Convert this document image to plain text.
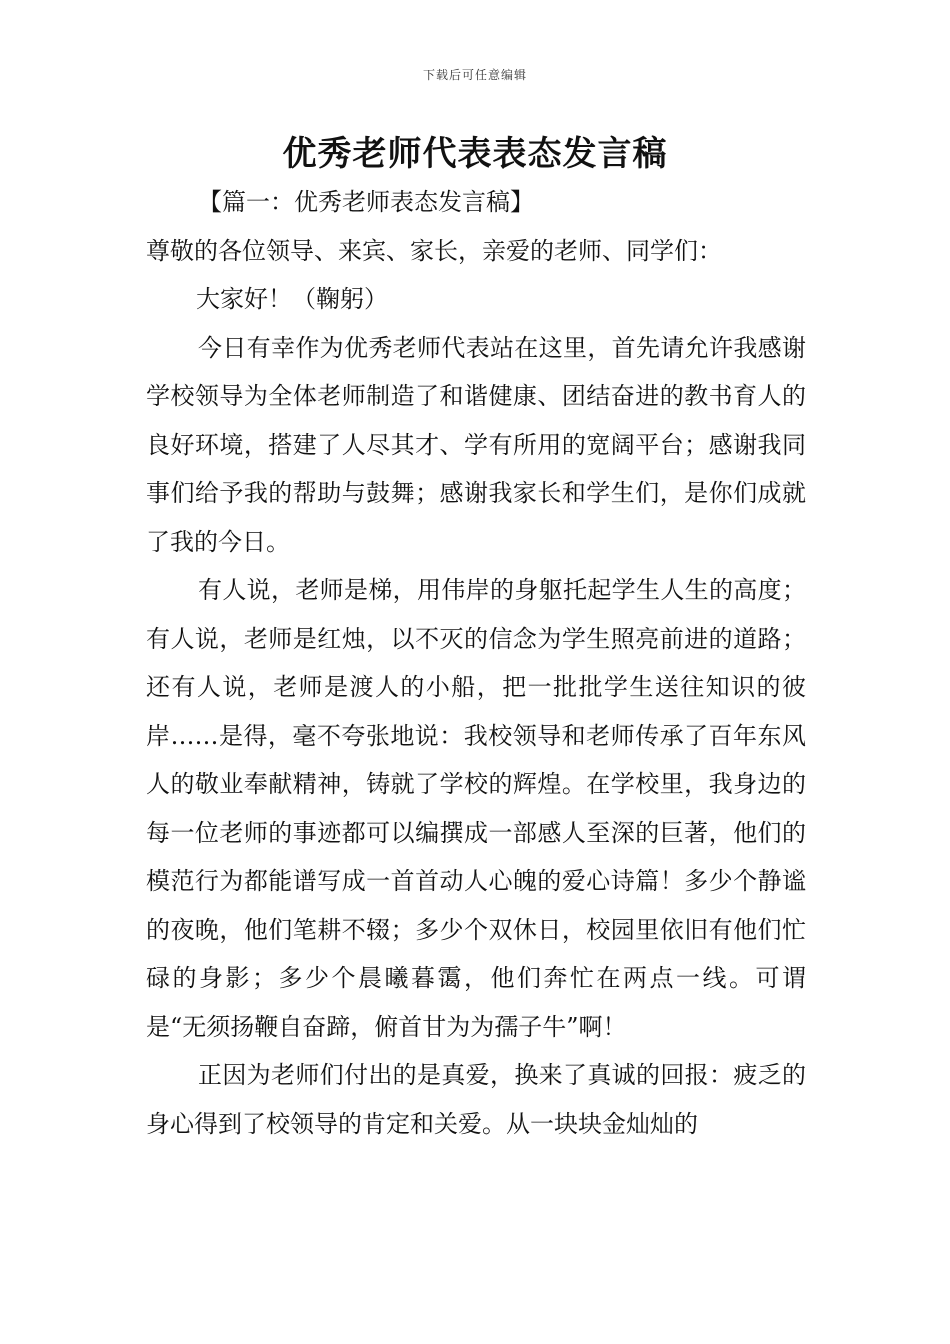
下载后可任意编辑
优秀老师代表表态发言稿

【篇一：优秀老师表态发言稿】

尊敬的各位领导、来宾、家长，亲爱的老师、同学们：

大家好！（鞠躬）

今日有幸作为优秀老师代表站在这里，首先请允许我感谢学校领导为全体老师制造了和谐健康、团结奋进的教书育人的良好环境，搭建了人尽其才、学有所用的宽阔平台；感谢我同事们给予我的帮助与鼓舞；感谢我家长和学生们，是你们成就了我的今日。

有人说，老师是梯，用伟岸的身躯托起学生人生的高度；有人说，老师是红烛，以不灭的信念为学生照亮前进的道路；还有人说，老师是渡人的小船，把一批批学生送往知识的彼岸……是得，毫不夸张地说：我校领导和老师传承了百年东风人的敬业奉献精神，铸就了学校的辉煌。在学校里，我身边的每一位老师的事迹都可以编撰成一部感人至深的巨著，他们的模范行为都能谱写成一首首动人心魄的爱心诗篇！多少个静谧的夜晚，他们笔耕不辍；多少个双休日，校园里依旧有他们忙碌的身影；多少个晨曦暮霭，他们奔忙在两点一线。可谓是“无须扬鞭自奋蹄，俯首甘为为孺子牛”啊！

正因为老师们付出的是真爱，换来了真诚的回报：疲乏的身心得到了校领导的肯定和关爱。从一块块金灿灿的
